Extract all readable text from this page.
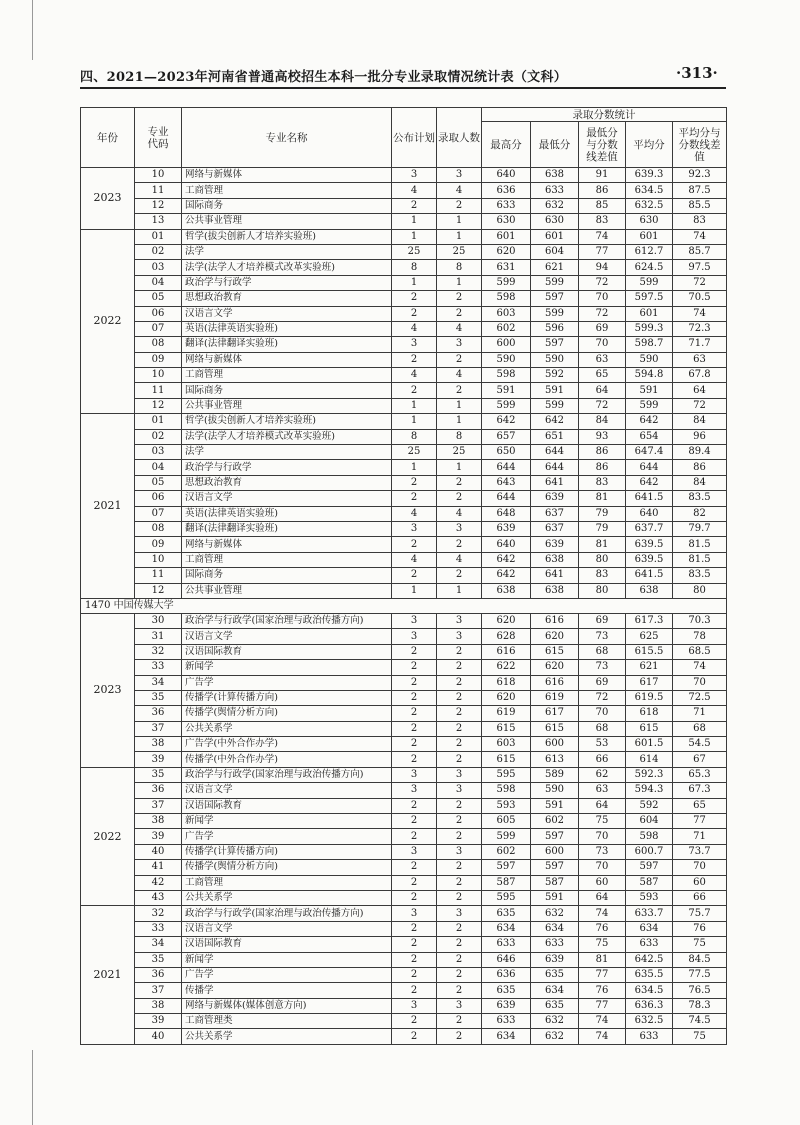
四、2021—2023年河南省普通高校招生本科一批分专业录取情况统计表（文科）	·313·
年份	专业代码	专业名称	公布计划	录取人数	录取分数统计				
					最高分	最低分	最低分与分数线差值	平均分	平均分与分数线差值
2023	10	网络与新媒体	3	3	640	638	91	639.3	92.3
	11	工商管理	4	4	636	633	86	634.5	87.5
	12	国际商务	2	2	633	632	85	632.5	85.5
	13	公共事业管理	1	1	630	630	83	630	83
2022	01	哲学(拔尖创新人才培养实验班)	1	1	601	601	74	601	74
	02	法学	25	25	620	604	77	612.7	85.7
	03	法学(法学人才培养模式改革实验班)	8	8	631	621	94	624.5	97.5
	04	政治学与行政学	1	1	599	599	72	599	72
	05	思想政治教育	2	2	598	597	70	597.5	70.5
	06	汉语言文学	2	2	603	599	72	601	74
	07	英语(法律英语实验班)	4	4	602	596	69	599.3	72.3
	08	翻译(法律翻译实验班)	3	3	600	597	70	598.7	71.7
	09	网络与新媒体	2	2	590	590	63	590	63
	10	工商管理	4	4	598	592	65	594.8	67.8
	11	国际商务	2	2	591	591	64	591	64
	12	公共事业管理	1	1	599	599	72	599	72
2021	01	哲学(拔尖创新人才培养实验班)	1	1	642	642	84	642	84
	02	法学(法学人才培养模式改革实验班)	8	8	657	651	93	654	96
	03	法学	25	25	650	644	86	647.4	89.4
	04	政治学与行政学	1	1	644	644	86	644	86
	05	思想政治教育	2	2	643	641	83	642	84
	06	汉语言文学	2	2	644	639	81	641.5	83.5
	07	英语(法律英语实验班)	4	4	648	637	79	640	82
	08	翻译(法律翻译实验班)	3	3	639	637	79	637.7	79.7
	09	网络与新媒体	2	2	640	639	81	639.5	81.5
	10	工商管理	4	4	642	638	80	639.5	81.5
	11	国际商务	2	2	642	641	83	641.5	83.5
	12	公共事业管理	1	1	638	638	80	638	80
1470 中国传媒大学									
2023	30	政治学与行政学(国家治理与政治传播方向)	3	3	620	616	69	617.3	70.3
	31	汉语言文学	3	3	628	620	73	625	78
	32	汉语国际教育	2	2	616	615	68	615.5	68.5
	33	新闻学	2	2	622	620	73	621	74
	34	广告学	2	2	618	616	69	617	70
	35	传播学(计算传播方向)	2	2	620	619	72	619.5	72.5
	36	传播学(舆情分析方向)	2	2	619	617	70	618	71
	37	公共关系学	2	2	615	615	68	615	68
	38	广告学(中外合作办学)	2	2	603	600	53	601.5	54.5
	39	传播学(中外合作办学)	2	2	615	613	66	614	67
2022	35	政治学与行政学(国家治理与政治传播方向)	3	3	595	589	62	592.3	65.3
	36	汉语言文学	3	3	598	590	63	594.3	67.3
	37	汉语国际教育	2	2	593	591	64	592	65
	38	新闻学	2	2	605	602	75	604	77
	39	广告学	2	2	599	597	70	598	71
	40	传播学(计算传播方向)	3	3	602	600	73	600.7	73.7
	41	传播学(舆情分析方向)	2	2	597	597	70	597	70
	42	工商管理	2	2	587	587	60	587	60
	43	公共关系学	2	2	595	591	64	593	66
2021	32	政治学与行政学(国家治理与政治传播方向)	3	3	635	632	74	633.7	75.7
	33	汉语言文学	2	2	634	634	76	634	76
	34	汉语国际教育	2	2	633	633	75	633	75
	35	新闻学	2	2	646	639	81	642.5	84.5
	36	广告学	2	2	636	635	77	635.5	77.5
	37	传播学	2	2	635	634	76	634.5	76.5
	38	网络与新媒体(媒体创意方向)	3	3	639	635	77	636.3	78.3
	39	工商管理类	2	2	633	632	74	632.5	74.5
	40	公共关系学	2	2	634	632	74	633	75
